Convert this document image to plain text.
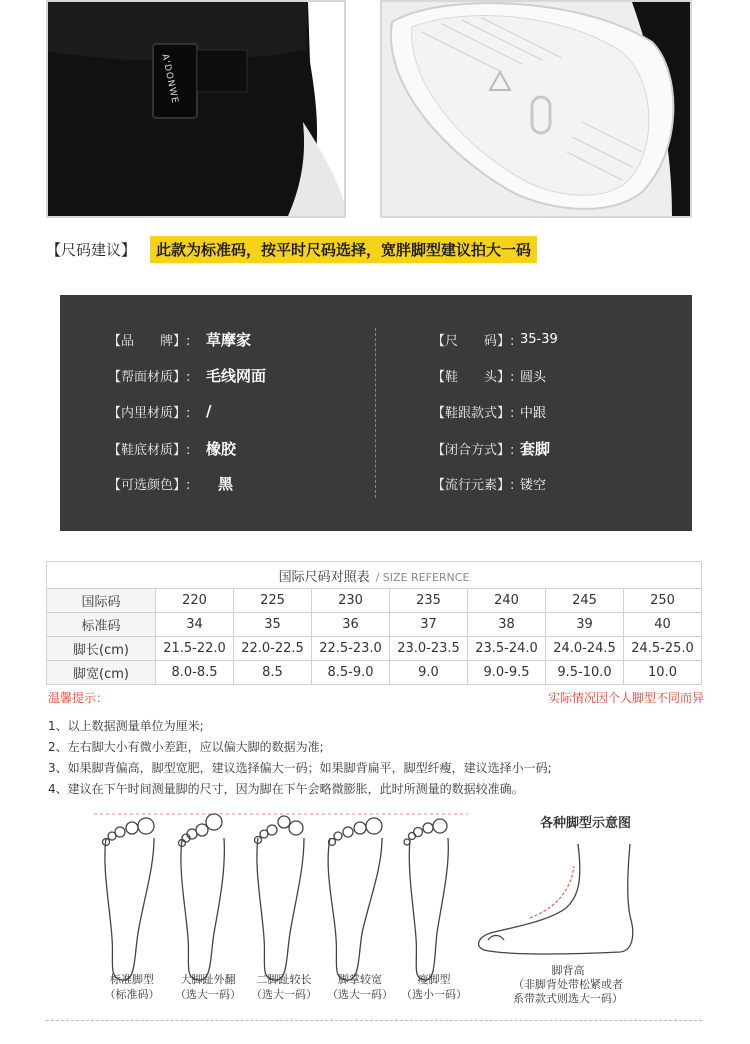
A'DONWE
【尺码建议】	此款为标准码，按平时尺码选择，宽胖脚型建议拍大一码
【品　　牌】:	草摩家
【帮面材质】:	毛线网面
【内里材质】:	/
【鞋底材质】:	橡胶
【可选颜色】:	黑
【尺　　码】: 35-39
【鞋　　头】: 圆头
【鞋跟款式】: 中跟
【闭合方式】: 套脚
【流行元素】: 镂空
国际尺码对照表 / SIZE REFERNCE							
国际码	220	225	230	235	240	245	250
标准码	34	35	36	37	38	39	40
脚长(cm)	21.5-22.0	22.0-22.5	22.5-23.0	23.0-23.5	23.5-24.0	24.0-24.5	24.5-25.0
脚宽(cm)	8.0-8.5	8.5	8.5-9.0	9.0	9.0-9.5	9.5-10.0	10.0
温馨提示：	实际情况因个人脚型不同而异
1、以上数据测量单位为厘米;
2、左右脚大小有微小差距，应以偏大脚的数据为准;
3、如果脚背偏高，脚型宽肥，建议选择偏大一码；如果脚背扁平，脚型纤瘦，建议选择小一码;
4、建议在下午时间测量脚的尺寸，因为脚在下午会略微膨胀，此时所测量的数据较准确。
标准脚型
（标准码）
大脚趾外翻
（选大一码）
二脚趾较长
（选大一码）
脚掌较宽
（选大一码）
瘦脚型
（选小一码）
各种脚型示意图
脚背高
（非脚背处带松紧或者
系带款式则选大一码）
